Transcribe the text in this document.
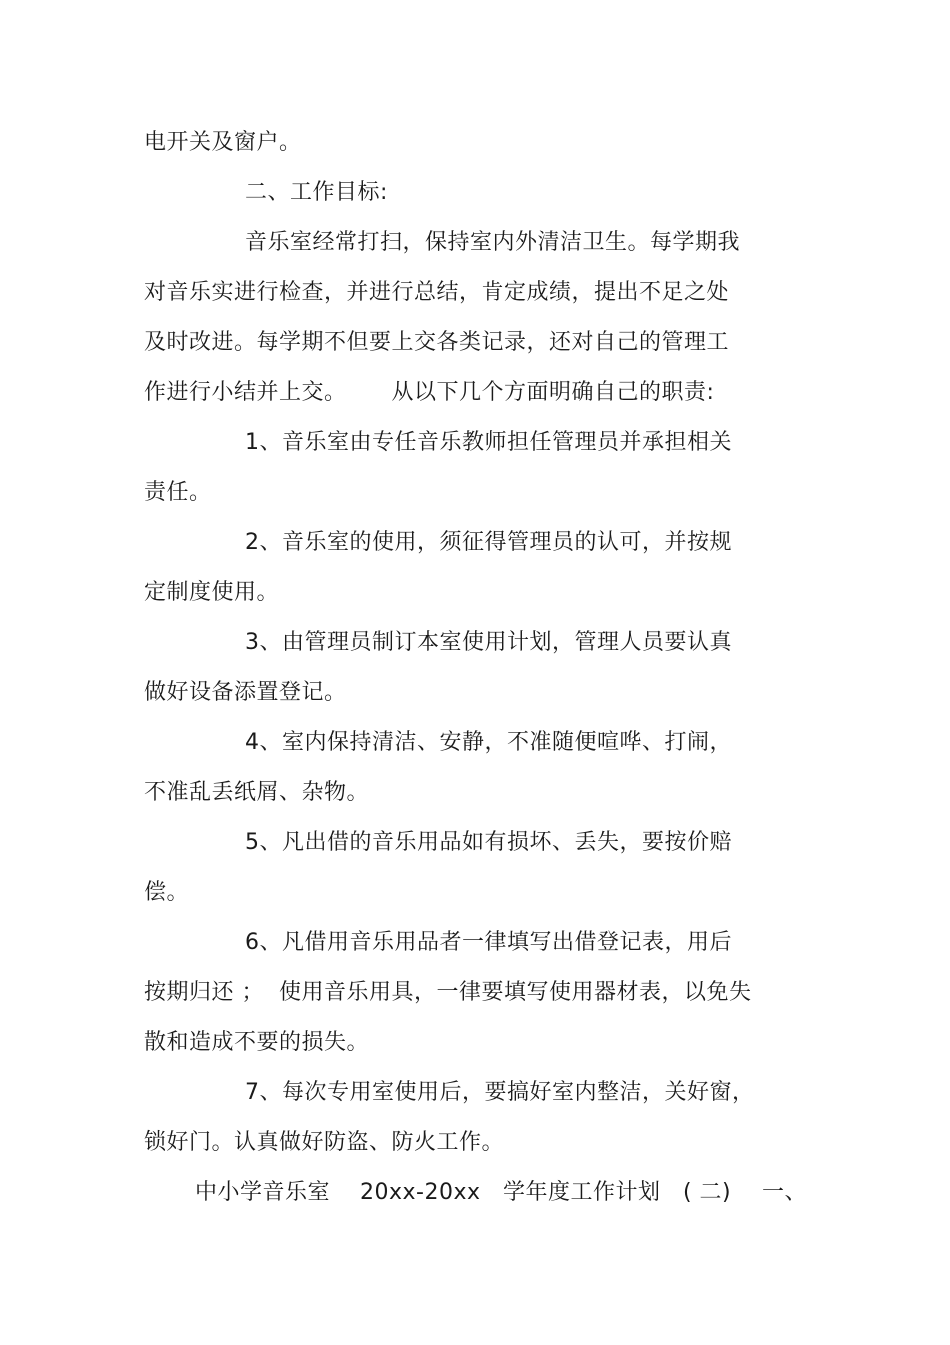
电开关及窗户。
二、工作目标:
音乐室经常打扫，保持室内外清洁卫生。每学期我
对音乐实进行检查，并进行总结，肯定成绩，提出不足之处
及时改进。每学期不但要上交各类记录，还对自己的管理工
作进行小结并上交。      从以下几个方面明确自己的职责:
1、音乐室由专任音乐教师担任管理员并承担相关
责任。
2、音乐室的使用，须征得管理员的认可，并按规
定制度使用。
3、由管理员制订本室使用计划，管理人员要认真
做好设备添置登记。
4、室内保持清洁、安静，不准随便喧哗、打闹，
不准乱丢纸屑、杂物。
5、凡出借的音乐用品如有损坏、丢失，要按价赔
偿。
6、凡借用音乐用品者一律填写出借登记表，用后
按期归还 ；  使用音乐用具，一律要填写使用器材表，以免失
散和造成不要的损失。
7、每次专用室使用后，要搞好室内整洁，关好窗，
锁好门。认真做好防盗、防火工作。
中小学音乐室    20xx-20xx   学年度工作计划   ( 二) 一、
